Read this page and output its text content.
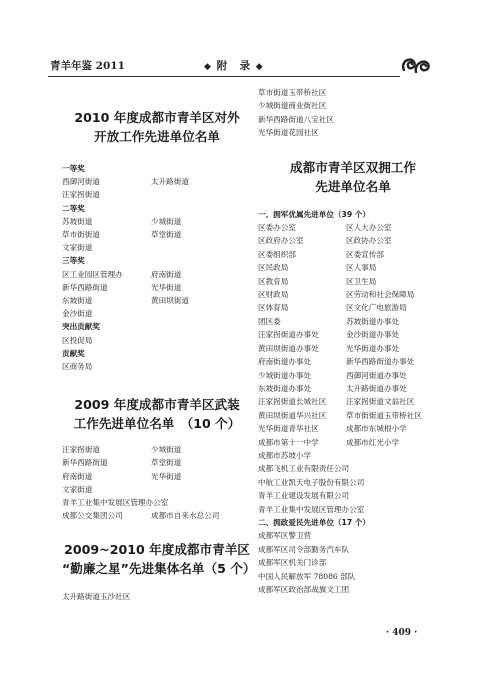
青羊年鉴 2011	◆ 附　录 ◆
2010 年度成都市青羊区对外
开放工作先进单位名单
一等奖
西御河街道	太升路街道
汪家拐街道
二等奖
苏坡街道	少城街道
草市街街道	草堂街道
文家街道
三等奖
区工业园区管理办	府南街道
新华西路街道	光华街道
东坡街道	黄田坝街道
金沙街道
突出贡献奖
区投促局
贡献奖
区商务局
2009 年度成都市青羊区武装
工作先进单位名单　（10 个）
汪家拐街道	少城街道
新华西路街道	草堂街道
府南街道	光华街道
文家街道
青羊工业集中发展区管理办公室
成都公交集团公司	成都市自来水总公司
2009~2010 年度成都市青羊区
“勤廉之星”先进集体名单（5 个）
太升路街道玉沙社区
草市街道玉带桥社区
少城街道商业街社区
新华西路街道八宝社区
光华街道花园社区
成都市青羊区双拥工作
先进单位名单
一、拥军优属先进单位（39 个）
区委办公室	区人大办公室
区政府办公室	区政协办公室
区委组织部	区委宣传部
区民政局	区人事局
区教育局	区卫生局
区财政局	区劳动和社会保障局
区体育局	区文化广电旅游局
团区委	苏坡街道办事处
汪家拐街道办事处	金沙街道办事处
黄田坝街道办事处	光华街道办事处
府南街道办事处	新华西路街道办事处
少城街道办事处	西御河街道办事处
东坡街道办事处	太升路街道办事处
汪家拐街道长城社区	汪家拐街道文翁社区
黄田坝街道华兴社区	草市街街道玉带桥社区
光华街道青华社区	成都市东城根小学
成都市第十一中学	成都市红光小学
成都市苏坡小学
成都飞机工业有限责任公司
中航工业凯天电子股份有限公司
青羊工业建设发展有限公司
青羊工业集中发展区管理办公室
二、拥政爱民先进单位（17 个）
成都军区警卫营
成都军区司令部勤务汽车队
成都军区机关门诊部
中国人民解放军 78086 部队
成都军区政治部战旗文工团
· 409 ·
